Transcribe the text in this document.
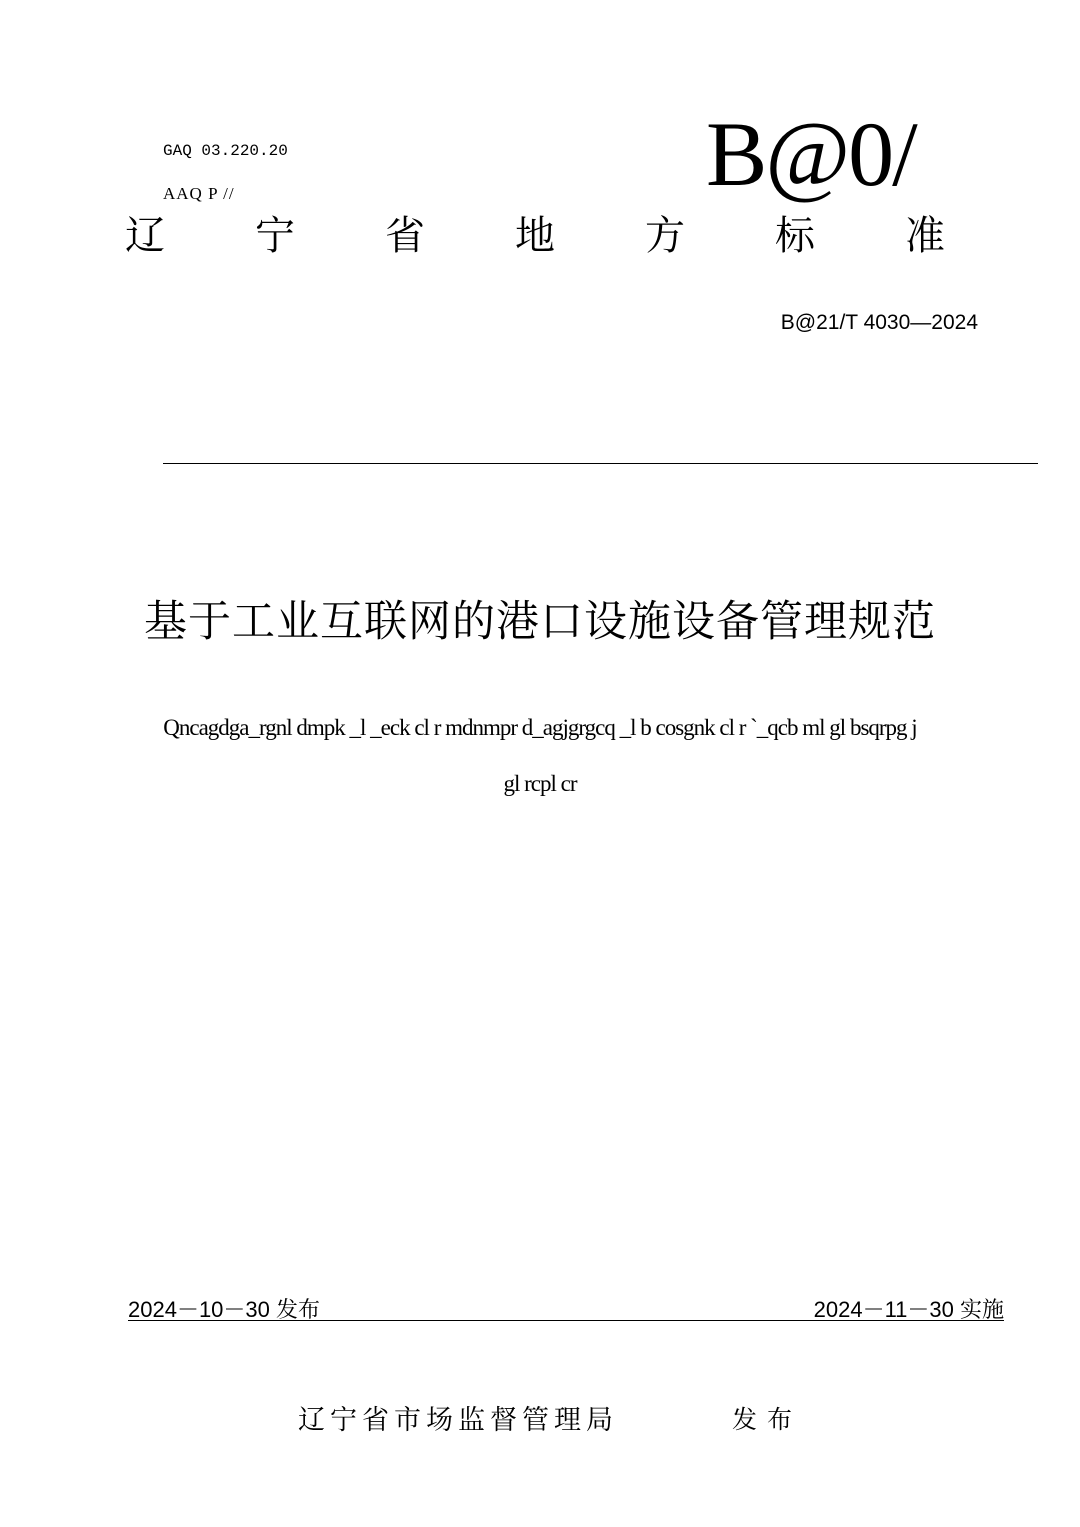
GAQ 03.220.20
AAQ P //	B@0/
辽 宁 省 地 方 标 准
B@21/T 4030—2024
基于工业互联网的港口设施设备管理规范
Qncagdga_rgnl dmpk _l _eck cl r mdnmpr d_agjgrgcq _l b cosgnk cl r `_qcb ml gl bsqrpg j
gl rcpl cr
2024－10－30 发布	2024－11－30 实施
辽宁省市场监督管理局	发布
